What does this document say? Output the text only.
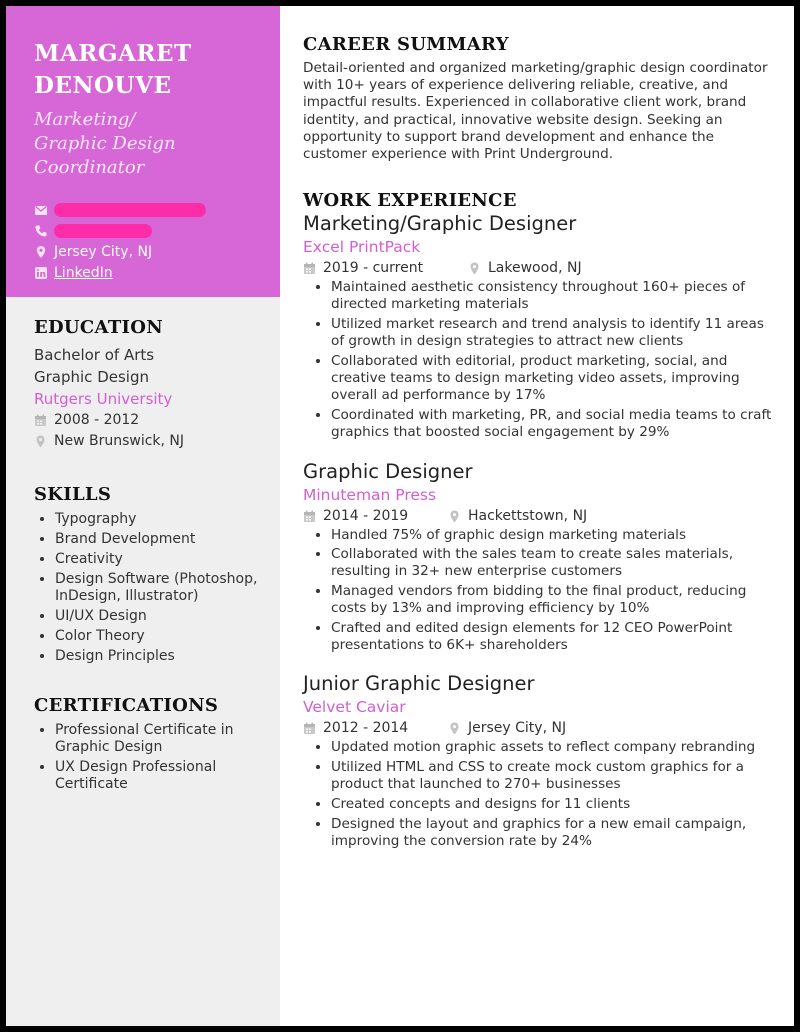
MARGARET
DENOUVE
Marketing/
Graphic Design
Coordinator
Jersey City, NJ
LinkedIn
EDUCATION
Bachelor of Arts
Graphic Design
Rutgers University
2008 - 2012
New Brunswick, NJ
SKILLS
• Typography
• Brand Development
• Creativity
• Design Software (Photoshop, InDesign, Illustrator)
• UI/UX Design
• Color Theory
• Design Principles
CERTIFICATIONS
• Professional Certificate in Graphic Design
• UX Design Professional Certificate
CAREER SUMMARY
Detail-oriented and organized marketing/graphic design coordinator with 10+ years of experience delivering reliable, creative, and impactful results. Experienced in collaborative client work, brand identity, and practical, innovative website design. Seeking an opportunity to support brand development and enhance the customer experience with Print Underground.
WORK EXPERIENCE
Marketing/Graphic Designer
Excel PrintPack
2019 - current	Lakewood, NJ
• Maintained aesthetic consistency throughout 160+ pieces of directed marketing materials
• Utilized market research and trend analysis to identify 11 areas of growth in design strategies to attract new clients
• Collaborated with editorial, product marketing, social, and creative teams to design marketing video assets, improving overall ad performance by 17%
• Coordinated with marketing, PR, and social media teams to craft graphics that boosted social engagement by 29%
Graphic Designer
Minuteman Press
2014 - 2019	Hackettstown, NJ
• Handled 75% of graphic design marketing materials
• Collaborated with the sales team to create sales materials, resulting in 32+ new enterprise customers
• Managed vendors from bidding to the final product, reducing costs by 13% and improving efficiency by 10%
• Crafted and edited design elements for 12 CEO PowerPoint presentations to 6K+ shareholders
Junior Graphic Designer
Velvet Caviar
2012 - 2014	Jersey City, NJ
• Updated motion graphic assets to reflect company rebranding
• Utilized HTML and CSS to create mock custom graphics for a product that launched to 270+ businesses
• Created concepts and designs for 11 clients
• Designed the layout and graphics for a new email campaign, improving the conversion rate by 24%
